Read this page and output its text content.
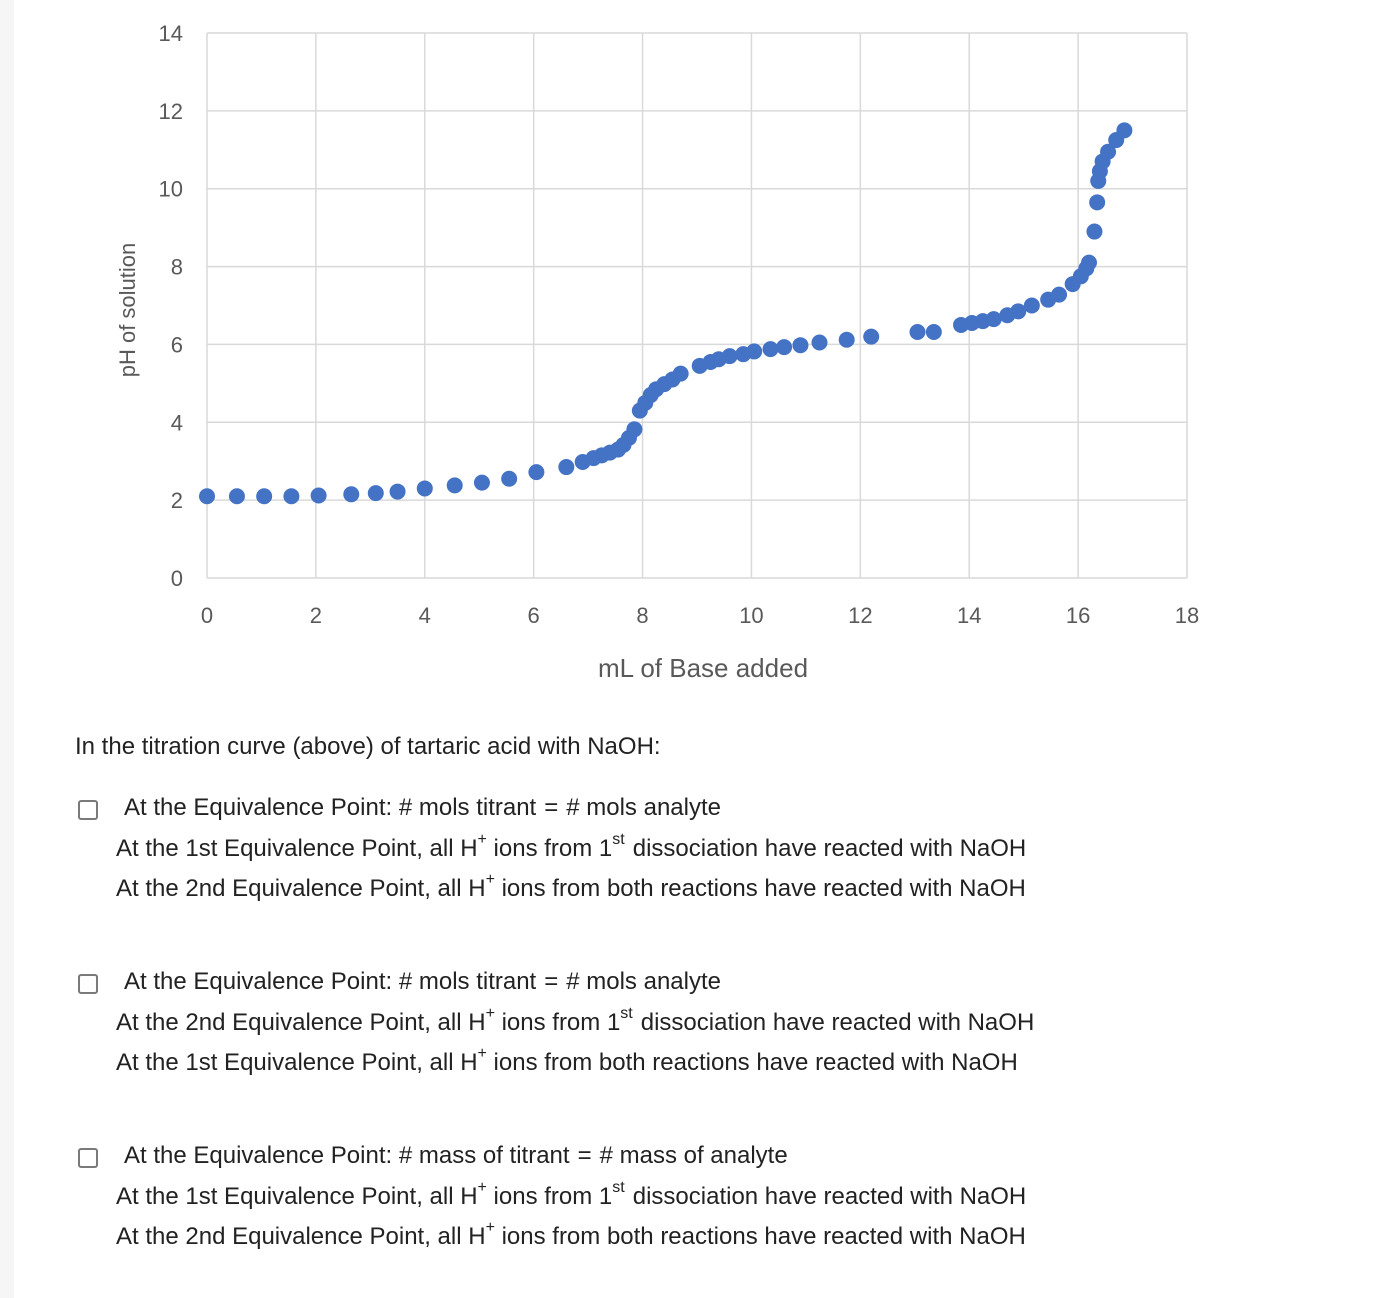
0
2
4
6
8
10
12
14
0	2	4	6	8	10	12	14	16	18
mL of Base added
pH of solution

In the titration curve (above) of tartaric acid with NaOH:

At the Equivalence Point: # mols titrant = # mols analyte
At the 1st Equivalence Point, all H+ ions from 1st dissociation have reacted with NaOH
At the 2nd Equivalence Point, all H+ ions from both reactions have reacted with NaOH
At the Equivalence Point: # mols titrant = # mols analyte
At the 2nd Equivalence Point, all H+ ions from 1st dissociation have reacted with NaOH
At the 1st Equivalence Point, all H+ ions from both reactions have reacted with NaOH
At the Equivalence Point: # mass of titrant = # mass of analyte
At the 1st Equivalence Point, all H+ ions from 1st dissociation have reacted with NaOH
At the 2nd Equivalence Point, all H+ ions from both reactions have reacted with NaOH
